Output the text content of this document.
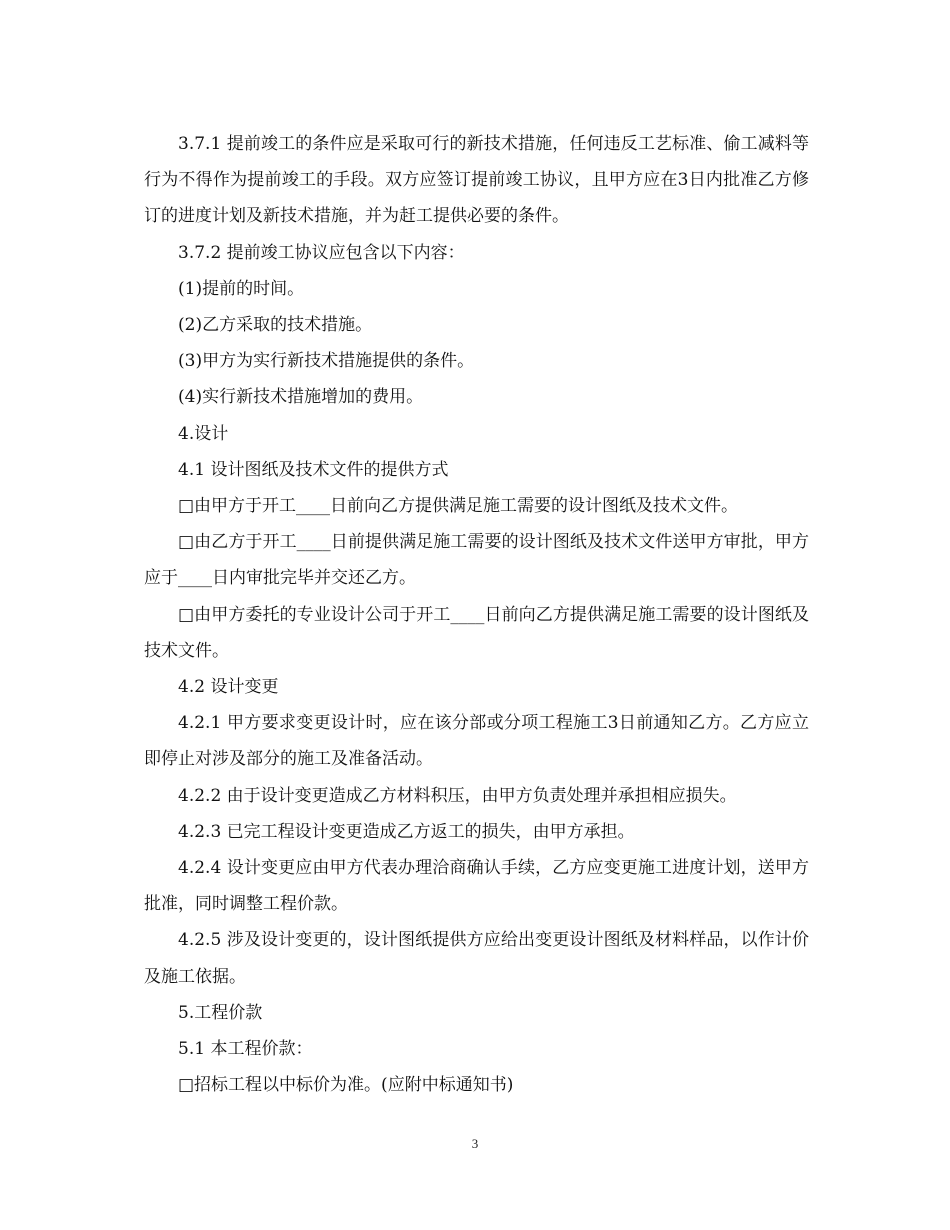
3.7.1 提前竣工的条件应是采取可行的新技术措施，任何违反工艺标准、偷工减料等行为不得作为提前竣工的手段。双方应签订提前竣工协议，且甲方应在3日内批准乙方修订的进度计划及新技术措施，并为赶工提供必要的条件。

3.7.2 提前竣工协议应包含以下内容：

(1)提前的时间。

(2)乙方采取的技术措施。

(3)甲方为实行新技术措施提供的条件。

(4)实行新技术措施增加的费用。

4.设计

4.1 设计图纸及技术文件的提供方式

□由甲方于开工____日前向乙方提供满足施工需要的设计图纸及技术文件。

□由乙方于开工____日前提供满足施工需要的设计图纸及技术文件送甲方审批，甲方应于____日内审批完毕并交还乙方。

□由甲方委托的专业设计公司于开工____日前向乙方提供满足施工需要的设计图纸及技术文件。

4.2 设计变更

4.2.1 甲方要求变更设计时，应在该分部或分项工程施工3日前通知乙方。乙方应立即停止对涉及部分的施工及准备活动。

4.2.2 由于设计变更造成乙方材料积压，由甲方负责处理并承担相应损失。

4.2.3 已完工程设计变更造成乙方返工的损失，由甲方承担。

4.2.4 设计变更应由甲方代表办理洽商确认手续，乙方应变更施工进度计划，送甲方批准，同时调整工程价款。

4.2.5 涉及设计变更的，设计图纸提供方应给出变更设计图纸及材料样品，以作计价及施工依据。

5.工程价款

5.1 本工程价款：

□招标工程以中标价为准。(应附中标通知书)

3
